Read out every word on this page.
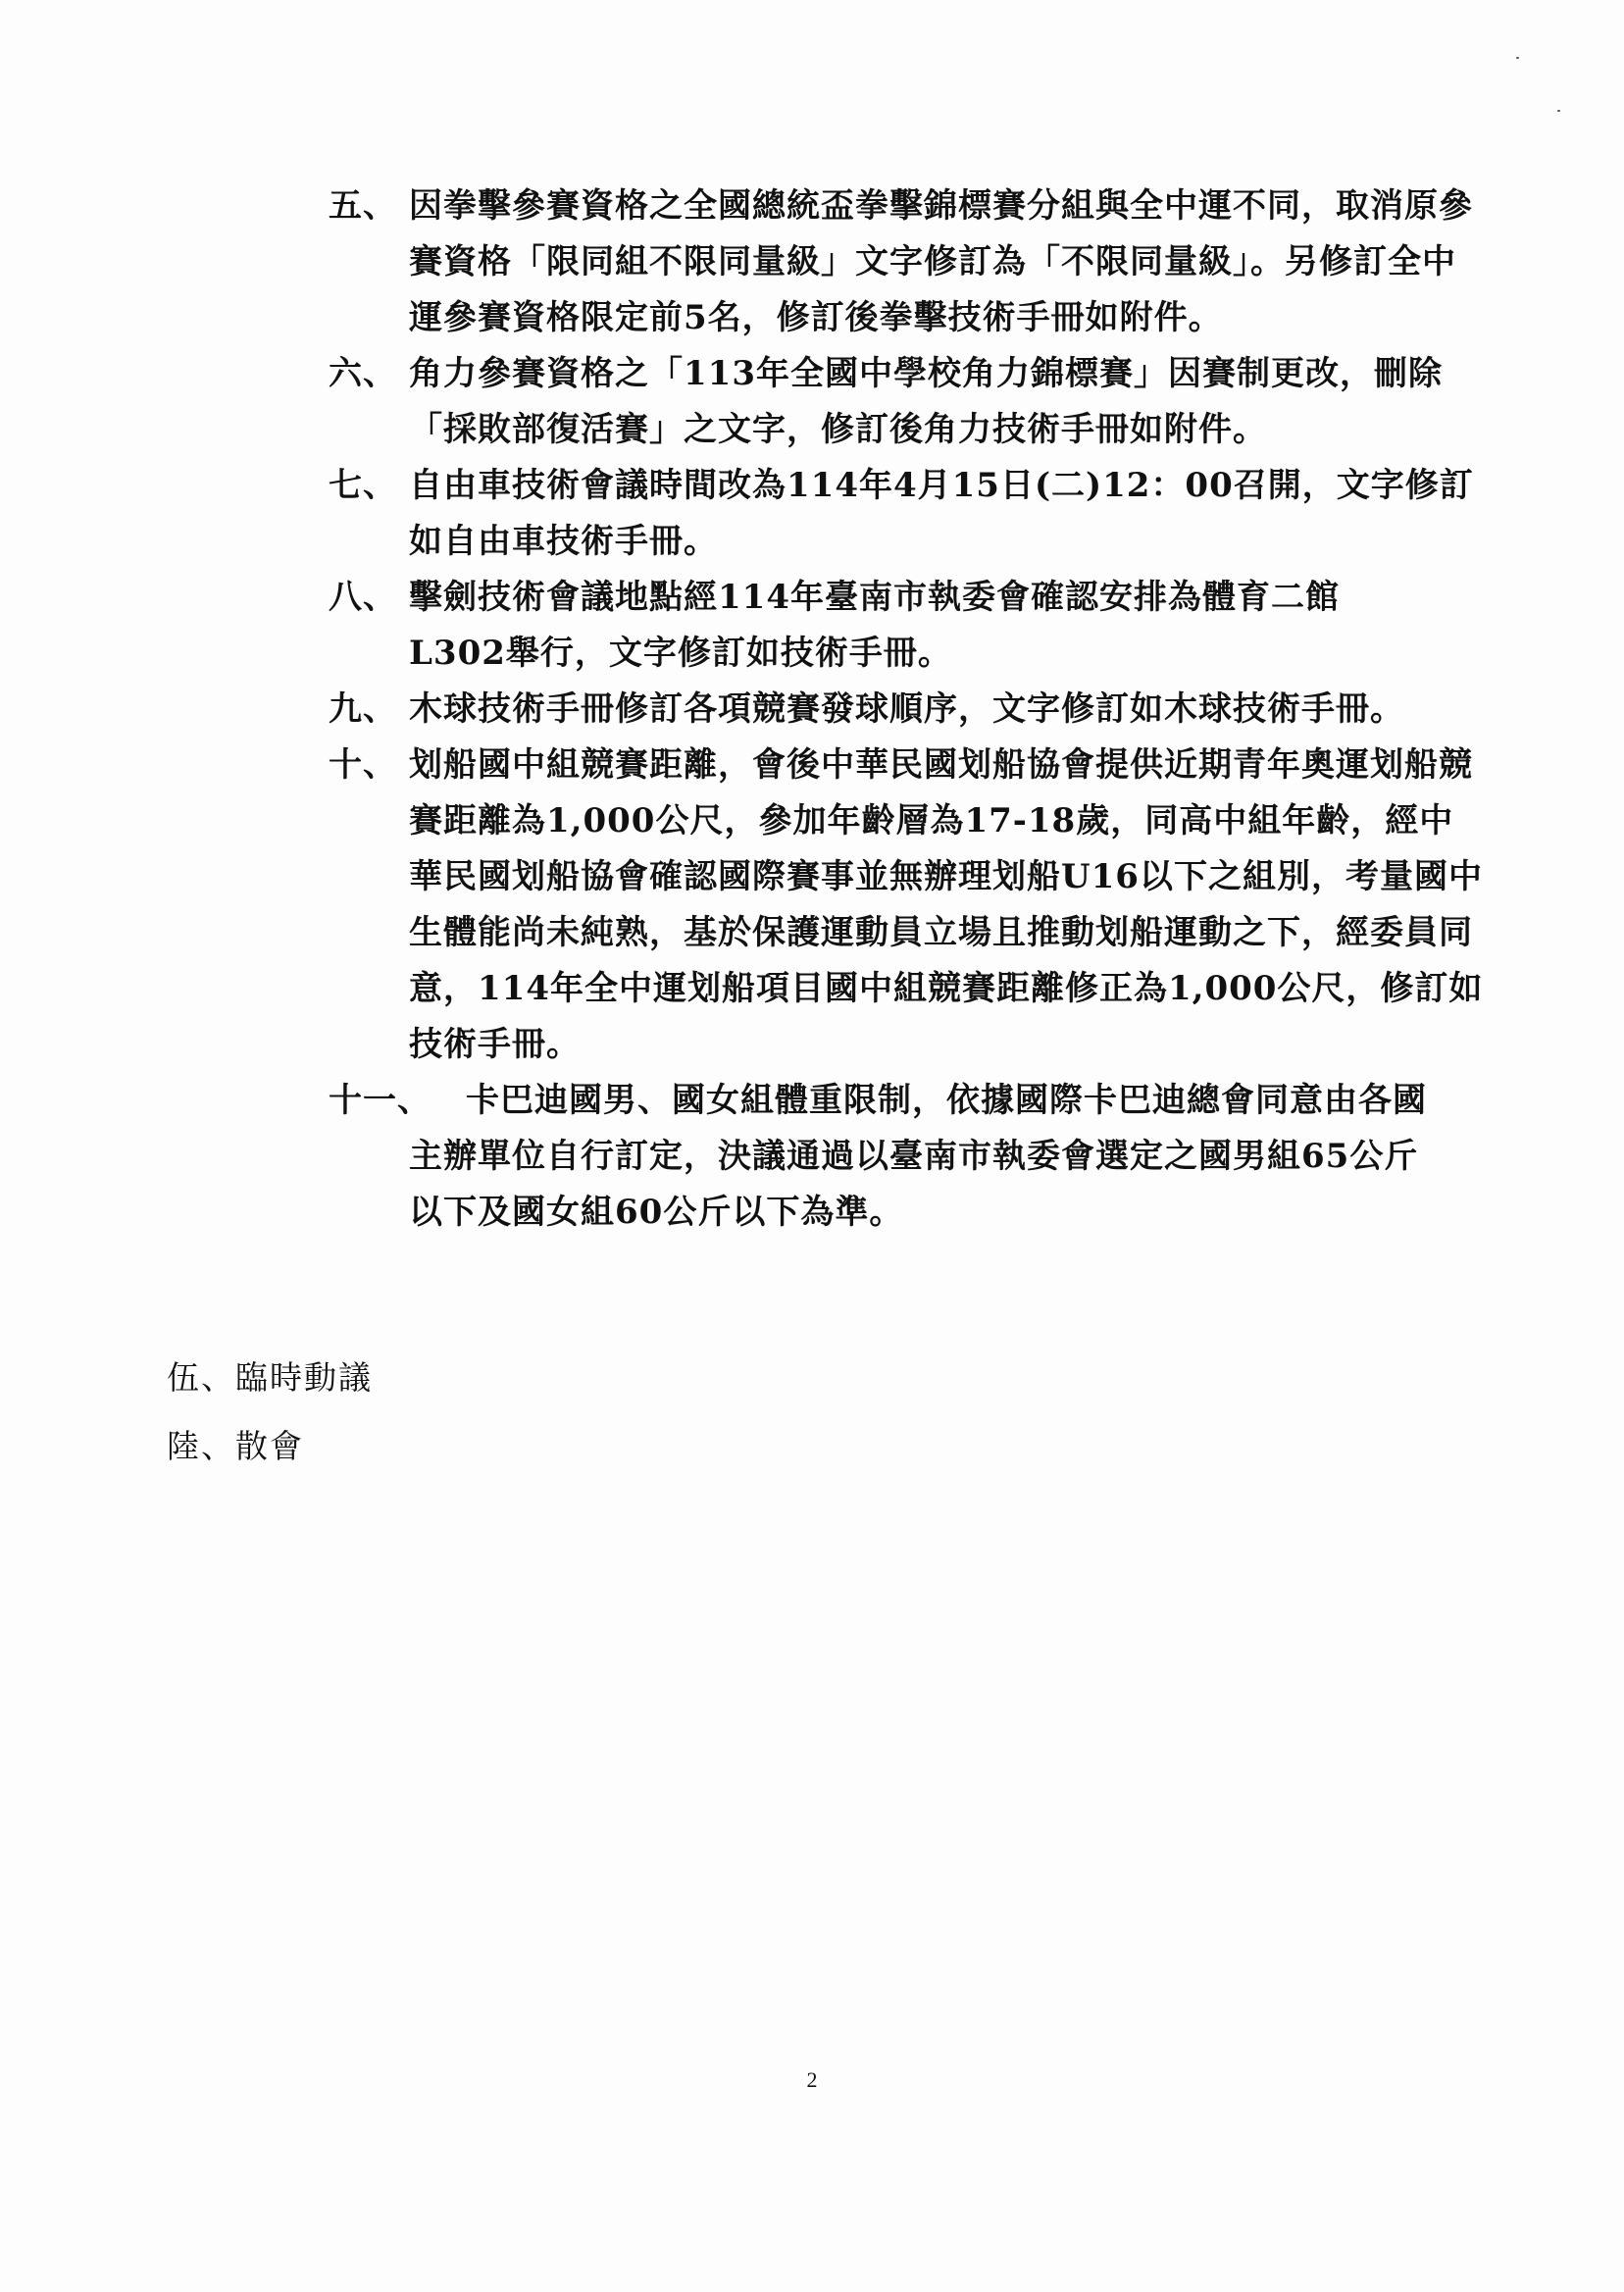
五、 因拳擊參賽資格之全國總統盃拳擊錦標賽分組與全中運不同，取消原參賽資格「限同組不限同量級」文字修訂為「不限同量級」。另修訂全中運參賽資格限定前5名，修訂後拳擊技術手冊如附件。
六、 角力參賽資格之「113年全國中學校角力錦標賽」因賽制更改，刪除「採敗部復活賽」之文字，修訂後角力技術手冊如附件。
七、 自由車技術會議時間改為114年4月15日(二)12：00召開，文字修訂如自由車技術手冊。
八、 擊劍技術會議地點經114年臺南市執委會確認安排為體育二館L302舉行，文字修訂如技術手冊。
九、 木球技術手冊修訂各項競賽發球順序，文字修訂如木球技術手冊。
十、 划船國中組競賽距離，會後中華民國划船協會提供近期青年奧運划船競賽距離為1,000公尺，參加年齡層為17-18歲，同高中組年齡，經中華民國划船協會確認國際賽事並無辦理划船U16以下之組別，考量國中生體能尚未純熟，基於保護運動員立場且推動划船運動之下，經委員同意，114年全中運划船項目國中組競賽距離修正為1,000公尺，修訂如技術手冊。
十一、	卡巴迪國男、國女組體重限制，依據國際卡巴迪總會同意由各國主辦單位自行訂定，決議通過以臺南市執委會選定之國男組65公斤以下及國女組60公斤以下為準。
伍、臨時動議
陸、散會
2
